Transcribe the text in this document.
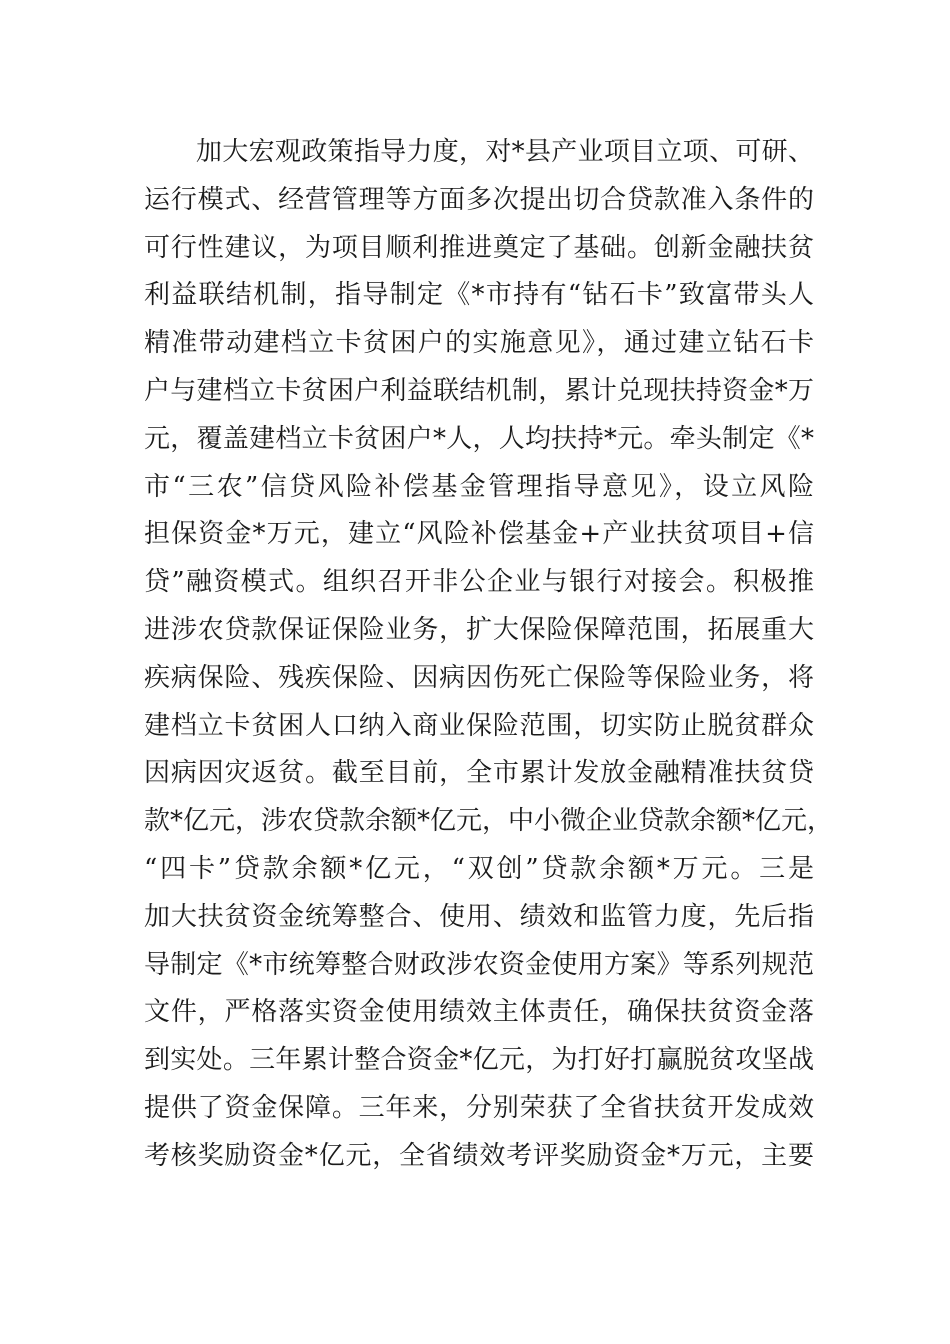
加大宏观政策指导力度，对*县产业项目立项、可研、
运行模式、经营管理等方面多次提出切合贷款准入条件的
可行性建议，为项目顺利推进奠定了基础。创新金融扶贫
利益联结机制，指导制定《*市持有“钻石卡”致富带头人
精准带动建档立卡贫困户的实施意见》，通过建立钻石卡
户与建档立卡贫困户利益联结机制，累计兑现扶持资金*万
元，覆盖建档立卡贫困户*人，人均扶持*元。牵头制定《*
市“三农”信贷风险补偿基金管理指导意见》，设立风险
担保资金*万元，建立“风险补偿基金+产业扶贫项目+信
贷”融资模式。组织召开非公企业与银行对接会。积极推
进涉农贷款保证保险业务，扩大保险保障范围，拓展重大
疾病保险、残疾保险、因病因伤死亡保险等保险业务，将
建档立卡贫困人口纳入商业保险范围，切实防止脱贫群众
因病因灾返贫。截至目前，全市累计发放金融精准扶贫贷
款*亿元，涉农贷款余额*亿元，中小微企业贷款余额*亿元，
“四卡”贷款余额*亿元，“双创”贷款余额*万元。三是
加大扶贫资金统筹整合、使用、绩效和监管力度，先后指
导制定《*市统筹整合财政涉农资金使用方案》等系列规范
文件，严格落实资金使用绩效主体责任，确保扶贫资金落
到实处。三年累计整合资金*亿元，为打好打赢脱贫攻坚战
提供了资金保障。三年来，分别荣获了全省扶贫开发成效
考核奖励资金*亿元，全省绩效考评奖励资金*万元，主要
